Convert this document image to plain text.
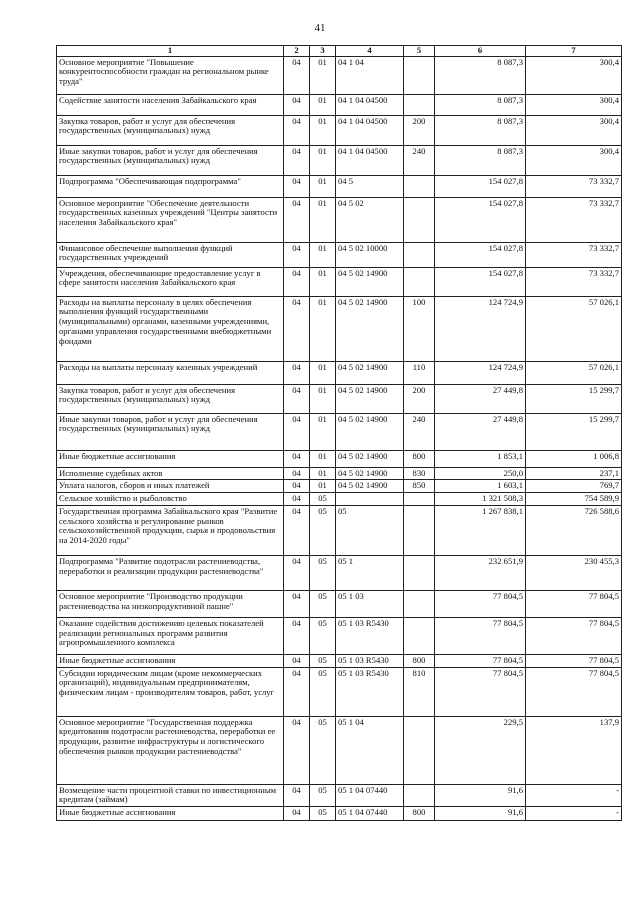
41
1	2	3	4	5	6	7
Основное мероприятие "Повышение конкурентоспособности граждан на региональном рынке труда"	04	01	04 1 04		8 087,3	300,4
Содействие занятости населения Забайкальского края	04	01	04 1 04 04500		8 087,3	300,4
Закупка товаров, работ и услуг для обеспечения государственных (муниципальных) нужд	04	01	04 1 04 04500	200	8 087,3	300,4
Иные закупки товаров, работ и услуг для обеспечения государственных (муниципальных) нужд	04	01	04 1 04 04500	240	8 087,3	300,4
Подпрограмма "Обеспечивающая подпрограмма"	04	01	04 5		154 027,8	73 332,7
Основное мероприятие "Обеспечение деятельности государственных казенных учреждений "Центры занятости населения Забайкальского края"	04	01	04 5 02		154 027,8	73 332,7
Финансовое обеспечение выполнения функций государственных учреждений	04	01	04 5 02 10000		154 027,8	73 332,7
Учреждения, обеспечивающие предоставление услуг в сфере занятости населения Забайкальского края	04	01	04 5 02 14900		154 027,8	73 332,7
Расходы на выплаты персоналу в целях обеспечения выполнения функций государственными (муниципальными) органами, казенными учреждениями, органами управления государственными внебюджетными фондами	04	01	04 5 02 14900	100	124 724,9	57 026,1
Расходы на выплаты персоналу казенных учреждений	04	01	04 5 02 14900	110	124 724,9	57 026,1
Закупка товаров, работ и услуг для обеспечения государственных (муниципальных) нужд	04	01	04 5 02 14900	200	27 449,8	15 299,7
Иные закупки товаров, работ и услуг для обеспечения государственных (муниципальных) нужд	04	01	04 5 02 14900	240	27 449,8	15 299,7
Иные бюджетные ассигнования	04	01	04 5 02 14900	800	1 853,1	1 006,8
Исполнение судебных актов	04	01	04 5 02 14900	830	250,0	237,1
Уплата налогов, сборов и иных платежей	04	01	04 5 02 14900	850	1 603,1	769,7
Сельское хозяйство и рыболовство	04	05			1 321 508,3	754 589,9
Государственная программа Забайкальского края "Развитие сельского хозяйства и регулирование рынков сельскохозяйственной продукции, сырья и продовольствия на 2014-2020 годы"	04	05	05		1 267 838,1	726 588,6
Подпрограмма "Развитие подотрасли растениеводства, переработки и реализации продукции растениеводства"	04	05	05 1		232 651,9	230 455,3
Основное мероприятие "Производство продукции растениеводства на низкопродуктивной пашне"	04	05	05 1 03		77 804,5	77 804,5
Оказание содействия достижению целевых показателей реализации региональных программ развития агропромышленного комплекса	04	05	05 1 03 R5430		77 804,5	77 804,5
Иные бюджетные ассигнования	04	05	05 1 03 R5430	800	77 804,5	77 804,5
Субсидии юридическим лицам (кроме некоммерческих организаций), индивидуальным предпринимателям, физическим лицам - производителям товаров, работ, услуг	04	05	05 1 03 R5430	810	77 804,5	77 804,5
Основное мероприятие "Государственная поддержка кредитования подотрасли растениеводства, переработки ее продукции, развитие инфраструктуры и логистического обеспечения рынков продукции растениеводства"	04	05	05 1 04		229,5	137,9
Возмещение части процентной ставки по инвестиционным кредитам (займам)	04	05	05 1 04 07440		91,6	-
Иные бюджетные ассигнования	04	05	05 1 04 07440	800	91,6	-
